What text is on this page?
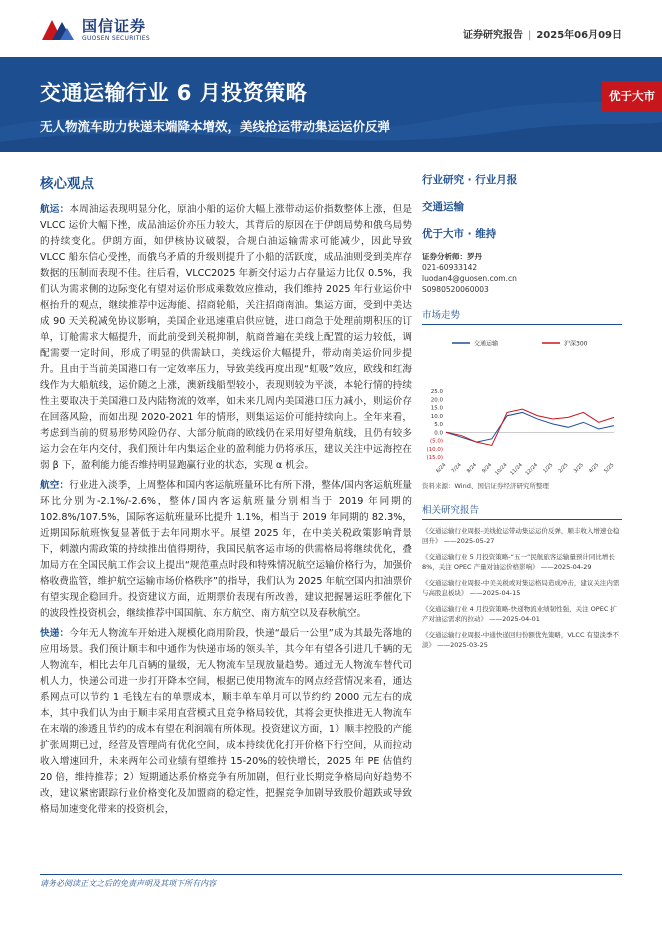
国信证券
GUOSEN SECURITIES	证券研究报告 | 2025年06月09日
交通运输行业 6 月投资策略
无人物流车助力快递末端降本增效，美线抢运带动集运运价反弹
优于大市
核心观点

航运：本周油运表现明显分化，原油小船的运价大幅上涨带动运价指数整体上涨，但是 VLCC 运价大幅下挫，成品油运价亦压力较大，其背后的原因在于伊朗局势和俄乌局势的持续变化。伊朗方面，如伊核协议破裂，合规白油运输需求可能减少，因此导致 VLCC 船东信心受挫，而俄乌矛盾的升级则提升了小船的活跃度，成品油则受到美库存数据的压制而表现不佳。往后看，VLCC2025 年新交付运力占存量运力比仅 0.5%，我们认为需求侧的边际变化有望对运价形成乘数效应推动，我们维持 2025 年行业运价中枢抬升的观点，继续推荐中远海能、招商轮船，关注招商南油。集运方面，受到中美达成 90 天关税减免协议影响，美国企业迅速重启供应链，进口商急于处理前期积压的订单，订舱需求大幅提升，而此前受到关税抑制，航商普遍在美线上配置的运力较低，调配需要一定时间，形成了明显的供需缺口，美线运价大幅提升，带动南美运价同步提升。且由于当前美国港口有一定效率压力，导致美线再度出现“虹吸”效应，欧线和红海线作为大船航线，运价随之上涨，澳新线船型较小，表现则较为平淡，本轮行情的持续性主要取决于美国港口及内陆物流的效率，如未来几周内美国港口压力减小，则运价存在回落风险，而如出现 2020-2021 年的情形，则集运运价可能持续向上。全年来看，考虑到当前的贸易形势风险仍存、大部分航商的欧线仍在采用好望角航线，且仍有较多运力会在年内交付，我们预计年内集运企业的盈利能力仍将承压，建议关注中远海控在弱 β 下，盈利能力能否维持明显跑赢行业的状态，实现 α 机会。

航空：行业进入淡季，上周整体和国内客运航班量环比有所下滑，整体/国内客运航班量环比分别为-2.1%/-2.6%，整体/国内客运航班量分别相当于 2019 年同期的 102.8%/107.5%，国际客运航班量环比提升 1.1%，相当于 2019 年同期的 82.3%，近期国际航班恢复显著低于去年同期水平。展望 2025 年，在中美关税政策影响背景下，刺激内需政策的持续推出值得期待，我国民航客运市场的供需格局将继续优化，叠加局方在全国民航工作会议上提出“规范重点时段和特殊情况航空运输价格行为，加强价格收费监管，维护航空运输市场价格秩序”的指导，我们认为 2025 年航空国内扣油票价有望实现企稳回升。投资建议方面，近期票价表现有所改善，建议把握暑运旺季催化下的波段性投资机会，继续推荐中国国航、东方航空、南方航空以及春秋航空。

快递：今年无人物流车开始进入规模化商用阶段，快递“最后一公里”成为其最先落地的应用场景。我们预计顺丰和中通作为快递市场的领头羊，其今年有望各引进几千辆的无人物流车，相比去年几百辆的量级，无人物流车呈现放量趋势。通过无人物流车替代司机人力，快递公司进一步打开降本空间，根据已使用物流车的网点经营情况来看，通达系网点可以节约 1 毛钱左右的单票成本，顺丰单车单月可以节约约 2000 元左右的成本，其中我们认为由于顺丰采用直营模式且竞争格局较优，其将会更快推进无人物流车在末端的渗透且节约的成本有望在利润端有所体现。投资建议方面，1）顺丰控股的产能扩张周期已过，经营及管理尚有优化空间，成本持续优化打开价格下行空间，从而拉动收入增速回升，未来两年公司业绩有望维持 15-20%的较快增长，2025 年 PE 估值约 20 倍，维持推荐；2）短期通达系价格竞争有所加剧，但行业长期竞争格局向好趋势不改，建议紧密跟踪行业价格变化及加盟商的稳定性，把握竞争加剧导致股价超跌或导致格局加速变化带来的投资机会，

行业研究 · 行业月报
交通运输
优于大市 · 维持
证券分析师：罗丹
021-60933142
luodan4@guosen.com.cn
S0980520060003
市场走势
交通运输	沪深300
25.0
20.0
15.0
10.0
5.0
0.0
(5.0)
(10.0)
(15.0)
6/24 7/24 8/24 9/24 10/24 11/24 12/24 1/25 2/25 3/25 4/25 5/25
资料来源：Wind、国信证券经济研究所整理
相关研究报告
《交通运输行业周报-美线抢运带动集运运价反弹，顺丰收入增速仓稳回升》 ——2025-05-27
《交通运输行业 5 月投资策略-“五一”民航旅客运输量预计同比增长 8%，关注 OPEC 产量对油运价格影响》 ——2025-04-29
《交通运输行业周报-中美关税或对集运格局造成冲击，建议关注内需与高股息板块》 ——2025-04-15
《交通运输行业 4 月投资策略-快递物流业绩韧性强，关注 OPEC 扩产对油运需求的拉动》 ——2025-04-01
《交通运输行业周报-中通快递回归份额优先策略，VLCC 有望淡季不淡》 ——2025-03-25
请务必阅读正文之后的免责声明及其项下所有内容
